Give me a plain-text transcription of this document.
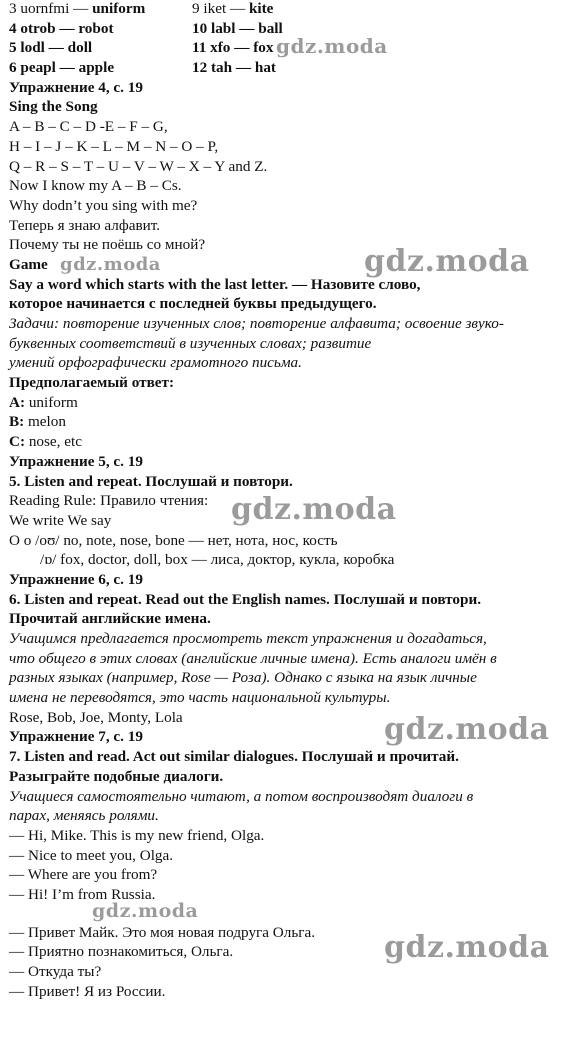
3 uornfmi — uniform	9 iket — kite
4 otrob — robot	10 labl — ball
5 lodl — doll	11 xfo — fox
6 peapl — apple	12 tah — hat
Упражнение 4, с. 19
Sing the Song
A – B – C – D -E – F – G,
H – I – J – K – L – M – N – O – P,
Q – R – S – T – U – V – W – X – Y and Z.
Now I know my A – B – Cs.
Why dodn’t you sing with me?
Теперь я знаю алфавит.
Почему ты не поёшь со мной?
Game
Say a word which starts with the last letter. — Назовите слово,
которое начинается с последней буквы предыдущего.
Задачи: повторение изученных слов; повторение алфавита; освоение звуко-
буквенных соответствий в изученных словах; развитие
умений орфографически грамотного письма.
Предполагаемый ответ:
A: uniform
B: melon
C: nose, etc
Упражнение 5, с. 19
5. Listen and repeat. Послушай и повтори.
Reading Rule: Правило чтения:
We write We say
O o /oʊ/ no, note, nose, bone — нет, нота, нос, кость
/ɒ/ fox, doctor, doll, box — лиса, доктор, кукла, коробка
Упражнение 6, с. 19
6. Listen and repeat. Read out the English names. Послушай и повтори.
Прочитай английские имена.
Учащимся предлагается просмотреть текст упражнения и догадаться,
что общего в этих словах (английские личные имена). Есть аналоги имён в
разных языках (например, Rose — Роза). Однако с языка на язык личные
имена не переводятся, это часть национальной культуры.
Rose, Bob, Joe, Monty, Lola
Упражнение 7, с. 19
7. Listen and read. Act out similar dialogues. Послушай и прочитай.
Разыграйте подобные диалоги.
Учащиеся самостоятельно читают, а потом воспроизводят диалоги в
парах, меняясь ролями.
— Hi, Mike. This is my new friend, Olga.
— Nice to meet you, Olga.
— Where are you from?
— Hi! I’m from Russia.
— Привет Майк. Это моя новая подруга Ольга.
— Приятно познакомиться, Ольга.
— Откуда ты?
— Привет! Я из России.
gdz.moda
gdz.moda	gdz.moda
gdz.moda
gdz.moda
gdz.moda
gdz.moda
